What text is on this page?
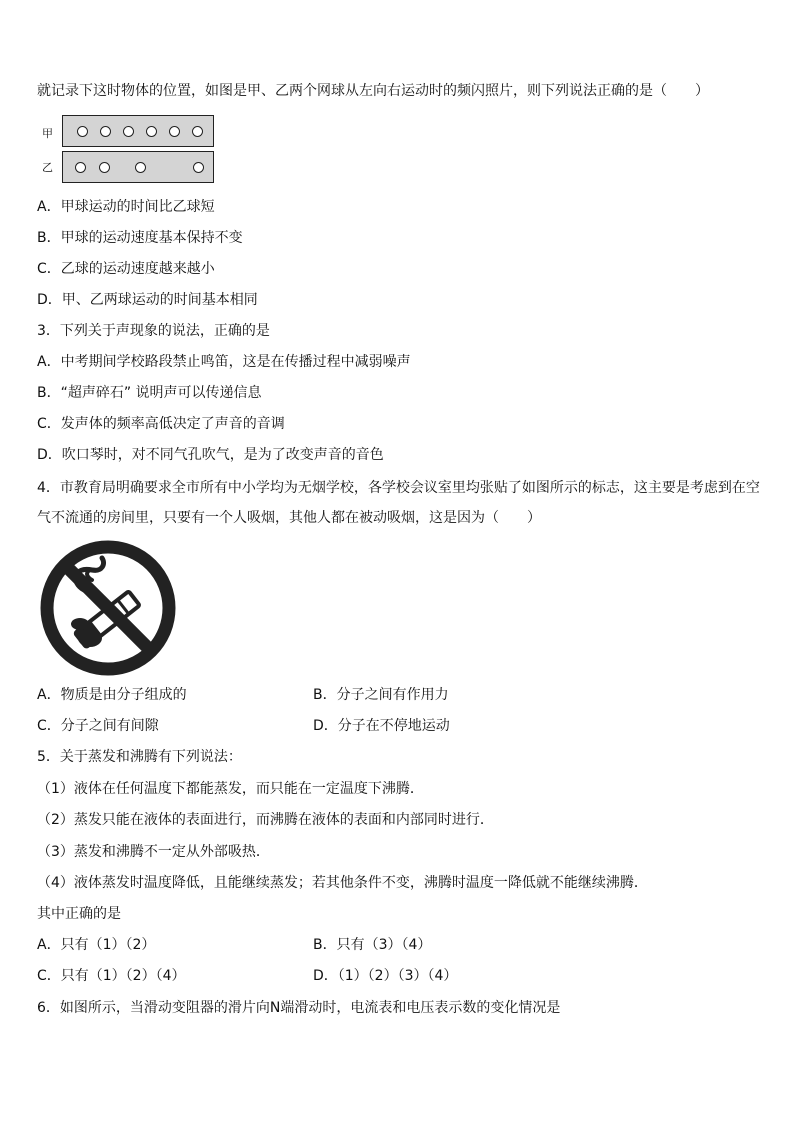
就记录下这时物体的位置，如图是甲、乙两个网球从左向右运动时的频闪照片，则下列说法正确的是（　　）
甲
乙
A．甲球运动的时间比乙球短
B．甲球的运动速度基本保持不变
C．乙球的运动速度越来越小
D．甲、乙两球运动的时间基本相同
3．下列关于声现象的说法，正确的是
A．中考期间学校路段禁止鸣笛，这是在传播过程中减弱噪声
B．“超声碎石” 说明声可以传递信息
C．发声体的频率高低决定了声音的音调
D．吹口琴时，对不同气孔吹气，是为了改变声音的音色
4．市教育局明确要求全市所有中小学均为无烟学校，各学校会议室里均张贴了如图所示的标志，这主要是考虑到在空
气不流通的房间里，只要有一个人吸烟，其他人都在被动吸烟，这是因为（　　）
A．物质是由分子组成的	B．分子之间有作用力
C．分子之间有间隙	D．分子在不停地运动
5．关于蒸发和沸腾有下列说法：
（1）液体在任何温度下都能蒸发，而只能在一定温度下沸腾．
（2）蒸发只能在液体的表面进行，而沸腾在液体的表面和内部同时进行．
（3）蒸发和沸腾不一定从外部吸热．
（4）液体蒸发时温度降低，且能继续蒸发；若其他条件不变，沸腾时温度一降低就不能继续沸腾．
其中正确的是
A．只有（1）（2）	B．只有（3）（4）
C．只有（1）（2）（4）	D．（1）（2）（3）（4）
6．如图所示，当滑动变阻器的滑片向N端滑动时，电流表和电压表示数的变化情况是
